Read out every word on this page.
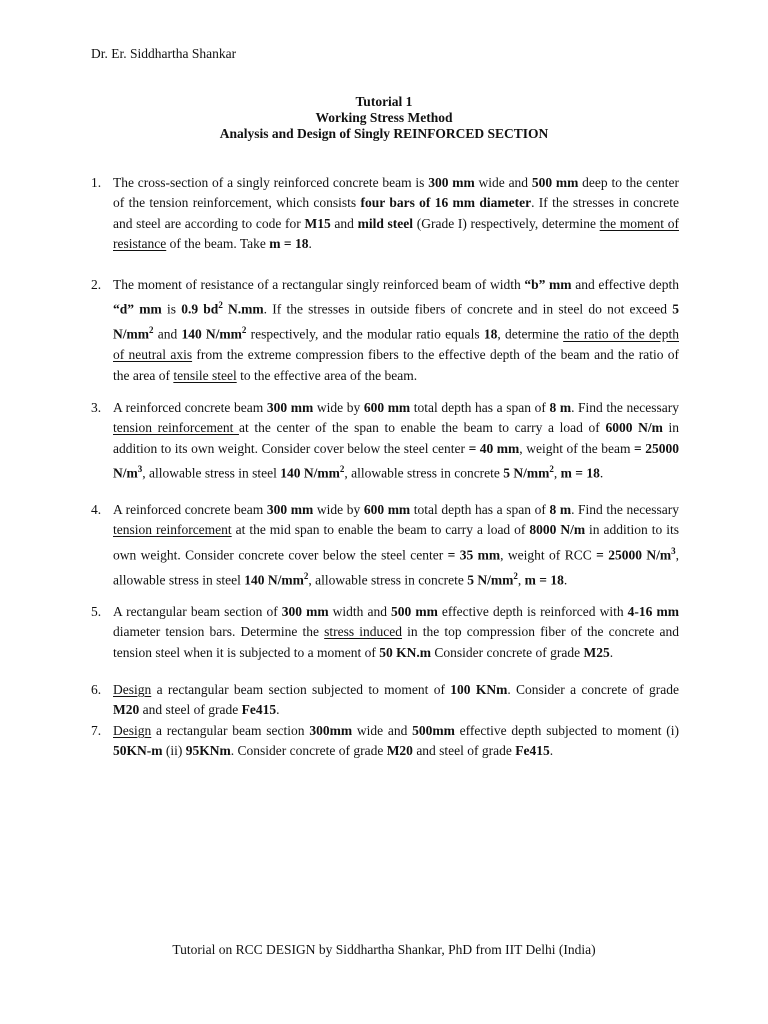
Dr. Er. Siddhartha Shankar
Tutorial 1
Working Stress Method
Analysis and Design of Singly REINFORCED SECTION
1. The cross-section of a singly reinforced concrete beam is 300 mm wide and 500 mm deep to the center of the tension reinforcement, which consists four bars of 16 mm diameter. If the stresses in concrete and steel are according to code for M15 and mild steel (Grade I) respectively, determine the moment of resistance of the beam. Take m = 18.
2. The moment of resistance of a rectangular singly reinforced beam of width “b” mm and effective depth “d” mm is 0.9 $bd^2$ N.mm. If the stresses in outside fibers of concrete and in steel do not exceed 5 $N/mm^2$ and 140 $N/mm^2$ respectively, and the modular ratio equals 18, determine the ratio of the depth of neutral axis from the extreme compression fibers to the effective depth of the beam and the ratio of the area of tensile steel to the effective area of the beam.
3. A reinforced concrete beam 300 mm wide by 600 mm total depth has a span of 8 m. Find the necessary tension reinforcement at the center of the span to enable the beam to carry a load of 6000 N/m in addition to its own weight. Consider cover below the steel center = 40 mm, weight of the beam = 25000 $N/m^3$, allowable stress in steel 140 $N/mm^2$, allowable stress in concrete 5 $N/mm^2$, m = 18.
4. A reinforced concrete beam 300 mm wide by 600 mm total depth has a span of 8 m. Find the necessary tension reinforcement at the mid span to enable the beam to carry a load of 8000 N/m in addition to its own weight. Consider concrete cover below the steel center = 35 mm, weight of RCC = 25000 $N/m^3$, allowable stress in steel 140 $N/mm^2$, allowable stress in concrete 5 $N/mm^2$, m = 18.
5. A rectangular beam section of 300 mm width and 500 mm effective depth is reinforced with 4-16 mm diameter tension bars. Determine the stress induced in the top compression fiber of the concrete and tension steel when it is subjected to a moment of 50 KN.m Consider concrete of grade M25.
6. Design a rectangular beam section subjected to moment of 100 KNm. Consider a concrete of grade M20 and steel of grade Fe415.
7. Design a rectangular beam section 300mm wide and 500mm effective depth subjected to moment (i) 50KN-m (ii) 95KNm. Consider concrete of grade M20 and steel of grade Fe415.
Tutorial on RCC DESIGN by Siddhartha Shankar, PhD from IIT Delhi (India)
